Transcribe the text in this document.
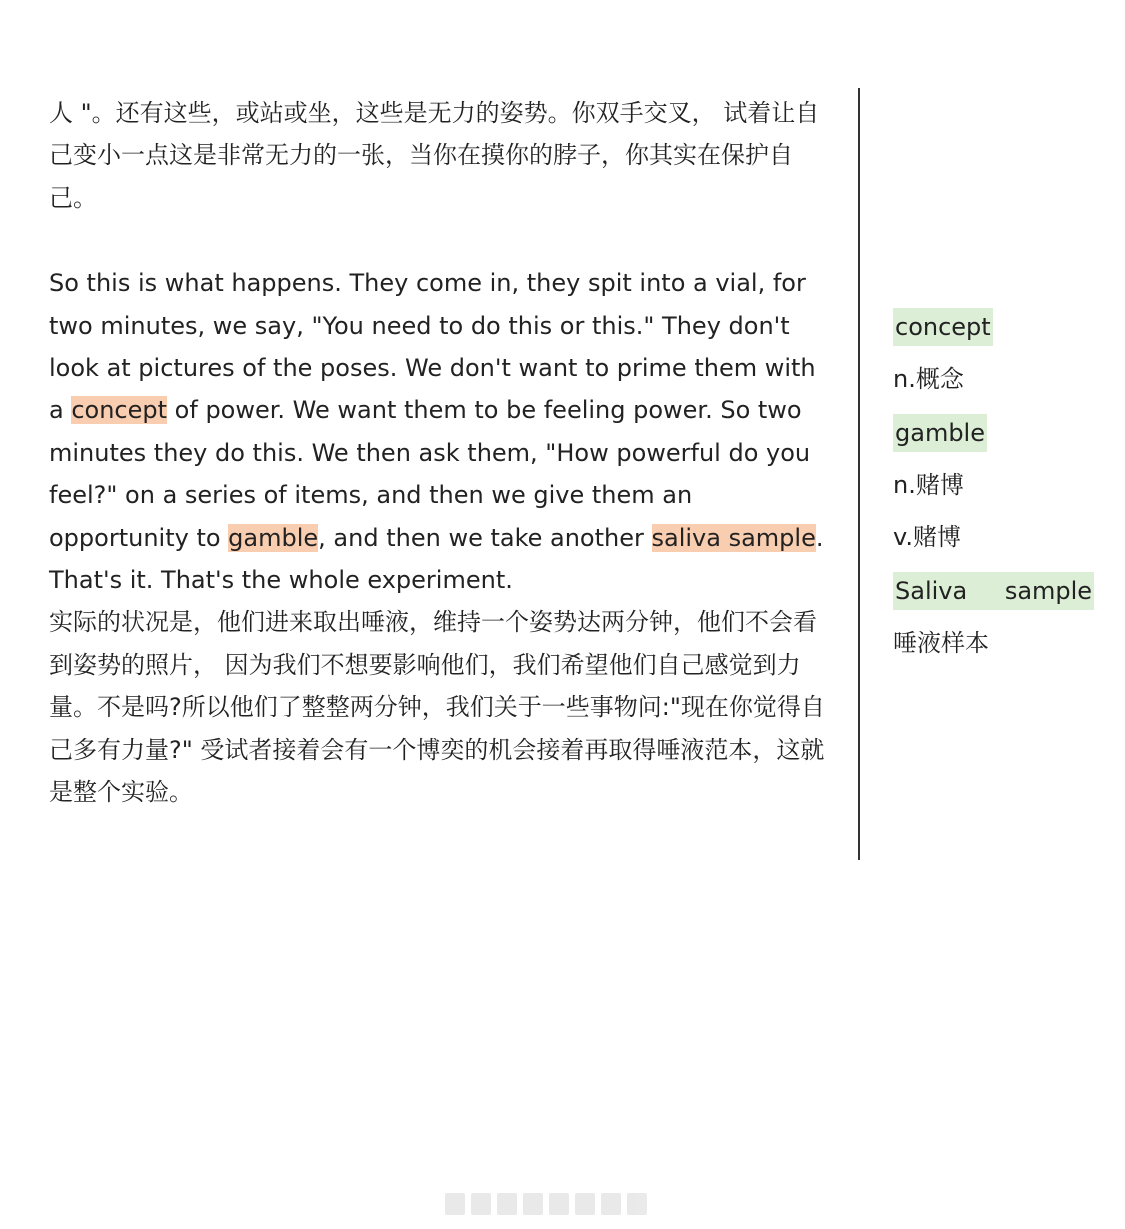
人 "。还有这些，或站或坐，这些是无力的姿势。你双手交叉， 试着让自己变小一点这是非常无力的一张，当你在摸你的脖子，你其实在保护自己。

So this is what happens. They come in, they spit into a vial, for two minutes, we say, "You need to do this or this." They don't look at pictures of the poses. We don't want to prime them with a concept of power. We want them to be feeling power. So two minutes they do this. We then ask them, "How powerful do you feel?" on a series of items, and then we give them an opportunity to gamble, and then we take another saliva sample. That's it. That's the whole experiment.

实际的状况是，他们进来取出唾液，维持一个姿势达两分钟，他们不会看到姿势的照片， 因为我们不想要影响他们，我们希望他们自己感觉到力量。不是吗?所以他们了整整两分钟，我们关于一些事物问:"现在你觉得自己多有力量?" 受试者接着会有一个博奕的机会接着再取得唾液范本，这就是整个实验。

concept
n.概念
gamble
n.赌博
v.赌博
Saliva sample
唾液样本
